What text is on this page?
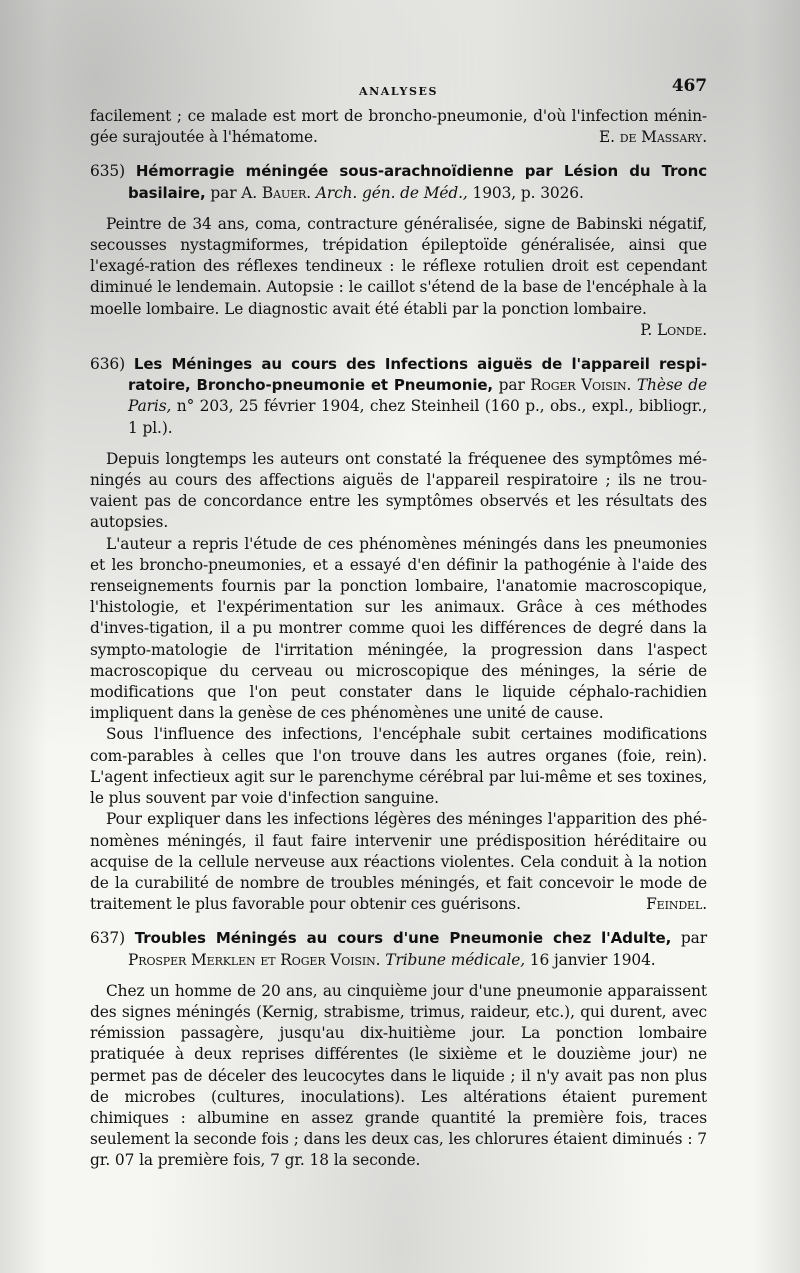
ANALYSES	467

facilement ; ce malade est mort de broncho-pneumonie, d'où l'infection ménin-gée surajoutée à l'hématome.	E. de Massary.

635) Hémorragie méningée sous-arachnoïdienne par Lésion du Tronc basilaire, par A. Bauer. Arch. gén. de Méd., 1903, p. 3026.

Peintre de 34 ans, coma, contracture généralisée, signe de Babinski négatif, secousses nystagmiformes, trépidation épileptoïde généralisée, ainsi que l'exagé-ration des réflexes tendineux : le réflexe rotulien droit est cependant diminué le lendemain. Autopsie : le caillot s'étend de la base de l'encéphale à la moelle lombaire. Le diagnostic avait été établi par la ponction lombaire.

P. Londe.

636) Les Méninges au cours des Infections aiguës de l'appareil respi-ratoire, Broncho-pneumonie et Pneumonie, par Roger Voisin. Thèse de Paris, n° 203, 25 février 1904, chez Steinheil (160 p., obs., expl., bibliogr., 1 pl.).

Depuis longtemps les auteurs ont constaté la fréquenee des symptômes mé-ningés au cours des affections aiguës de l'appareil respiratoire ; ils ne trou-vaient pas de concordance entre les symptômes observés et les résultats des autopsies.

L'auteur a repris l'étude de ces phénomènes méningés dans les pneumonies et les broncho-pneumonies, et a essayé d'en définir la pathogénie à l'aide des renseignements fournis par la ponction lombaire, l'anatomie macroscopique, l'histologie, et l'expérimentation sur les animaux. Grâce à ces méthodes d'inves-tigation, il a pu montrer comme quoi les différences de degré dans la sympto-matologie de l'irritation méningée, la progression dans l'aspect macroscopique du cerveau ou microscopique des méninges, la série de modifications que l'on peut constater dans le liquide céphalo-rachidien impliquent dans la genèse de ces phénomènes une unité de cause.

Sous l'influence des infections, l'encéphale subit certaines modifications com-parables à celles que l'on trouve dans les autres organes (foie, rein). L'agent infectieux agit sur le parenchyme cérébral par lui-même et ses toxines, le plus souvent par voie d'infection sanguine.

Pour expliquer dans les infections légères des méninges l'apparition des phé-nomènes méningés, il faut faire intervenir une prédisposition héréditaire ou acquise de la cellule nerveuse aux réactions violentes. Cela conduit à la notion de la curabilité de nombre de troubles méningés, et fait concevoir le mode de traitement le plus favorable pour obtenir ces guérisons.	Feindel.

637) Troubles Méningés au cours d'une Pneumonie chez l'Adulte, par Prosper Merklen et Roger Voisin. Tribune médicale, 16 janvier 1904.

Chez un homme de 20 ans, au cinquième jour d'une pneumonie apparaissent des signes méningés (Kernig, strabisme, trimus, raideur, etc.), qui durent, avec rémission passagère, jusqu'au dix-huitième jour. La ponction lombaire pratiquée à deux reprises différentes (le sixième et le douzième jour) ne permet pas de déceler des leucocytes dans le liquide ; il n'y avait pas non plus de microbes (cultures, inoculations). Les altérations étaient purement chimiques : albumine en assez grande quantité la première fois, traces seulement la seconde fois ; dans les deux cas, les chlorures étaient diminués : 7 gr. 07 la première fois, 7 gr. 18 la seconde.
